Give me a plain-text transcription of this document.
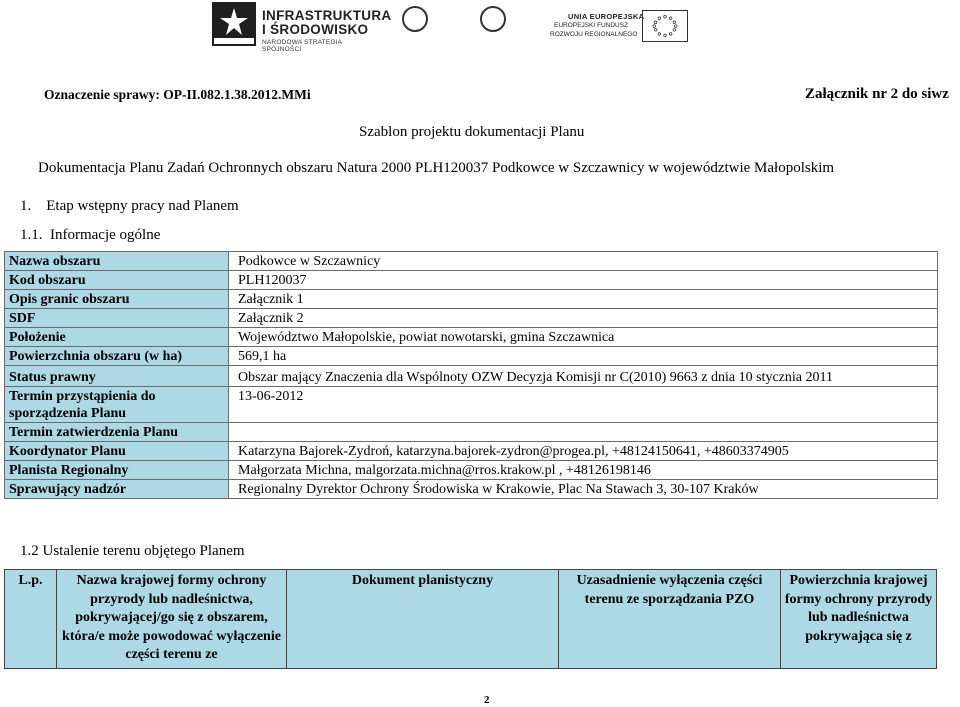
INFRASTRUKTURA
I ŚRODOWISKO
NARODOWA STRATEGIA SPÓJNOŚCI
UNIA EUROPEJSKA
EUROPEJSKI FUNDUSZ
ROZWOJU REGIONALNEGO
Oznaczenie sprawy: OP-II.082.1.38.2012.MMi	Załącznik nr 2 do siwz
Szablon projektu dokumentacji Planu
Dokumentacja Planu Zadań Ochronnych obszaru Natura 2000 PLH120037 Podkowce w Szczawnicy w województwie Małopolskim
1.    Etap wstępny pracy nad Planem
1.1.  Informacje ogólne
Nazwa obszaru	Podkowce w Szczawnicy
Kod obszaru	PLH120037
Opis granic obszaru	Załącznik 1
SDF	Załącznik 2
Położenie	Województwo Małopolskie, powiat nowotarski, gmina Szczawnica
Powierzchnia obszaru (w ha)	569,1 ha
Status prawny	Obszar mający Znaczenia dla Wspólnoty OZW Decyzja Komisji nr C(2010) 9663 z dnia 10 stycznia 2011
Termin przystąpienia do sporządzenia Planu	13-06-2012
Termin zatwierdzenia Planu	
Koordynator Planu	Katarzyna Bajorek-Zydroń, katarzyna.bajorek-zydron@progea.pl, +48124150641, +48603374905
Planista Regionalny	Małgorzata Michna, malgorzata.michna@rros.krakow.pl , +48126198146
Sprawujący nadzór	Regionalny Dyrektor Ochrony Środowiska w Krakowie, Plac Na Stawach 3, 30-107 Kraków
1.2 Ustalenie terenu objętego Planem
L.p.	Nazwa krajowej formy ochrony przyrody lub nadleśnictwa, pokrywającej/go się z obszarem, która/e może powodować wyłączenie części terenu ze	Dokument planistyczny	Uzasadnienie wyłączenia części terenu ze sporządzania PZO	Powierzchnia krajowej formy ochrony przyrody lub nadleśnictwa pokrywająca się z
2
